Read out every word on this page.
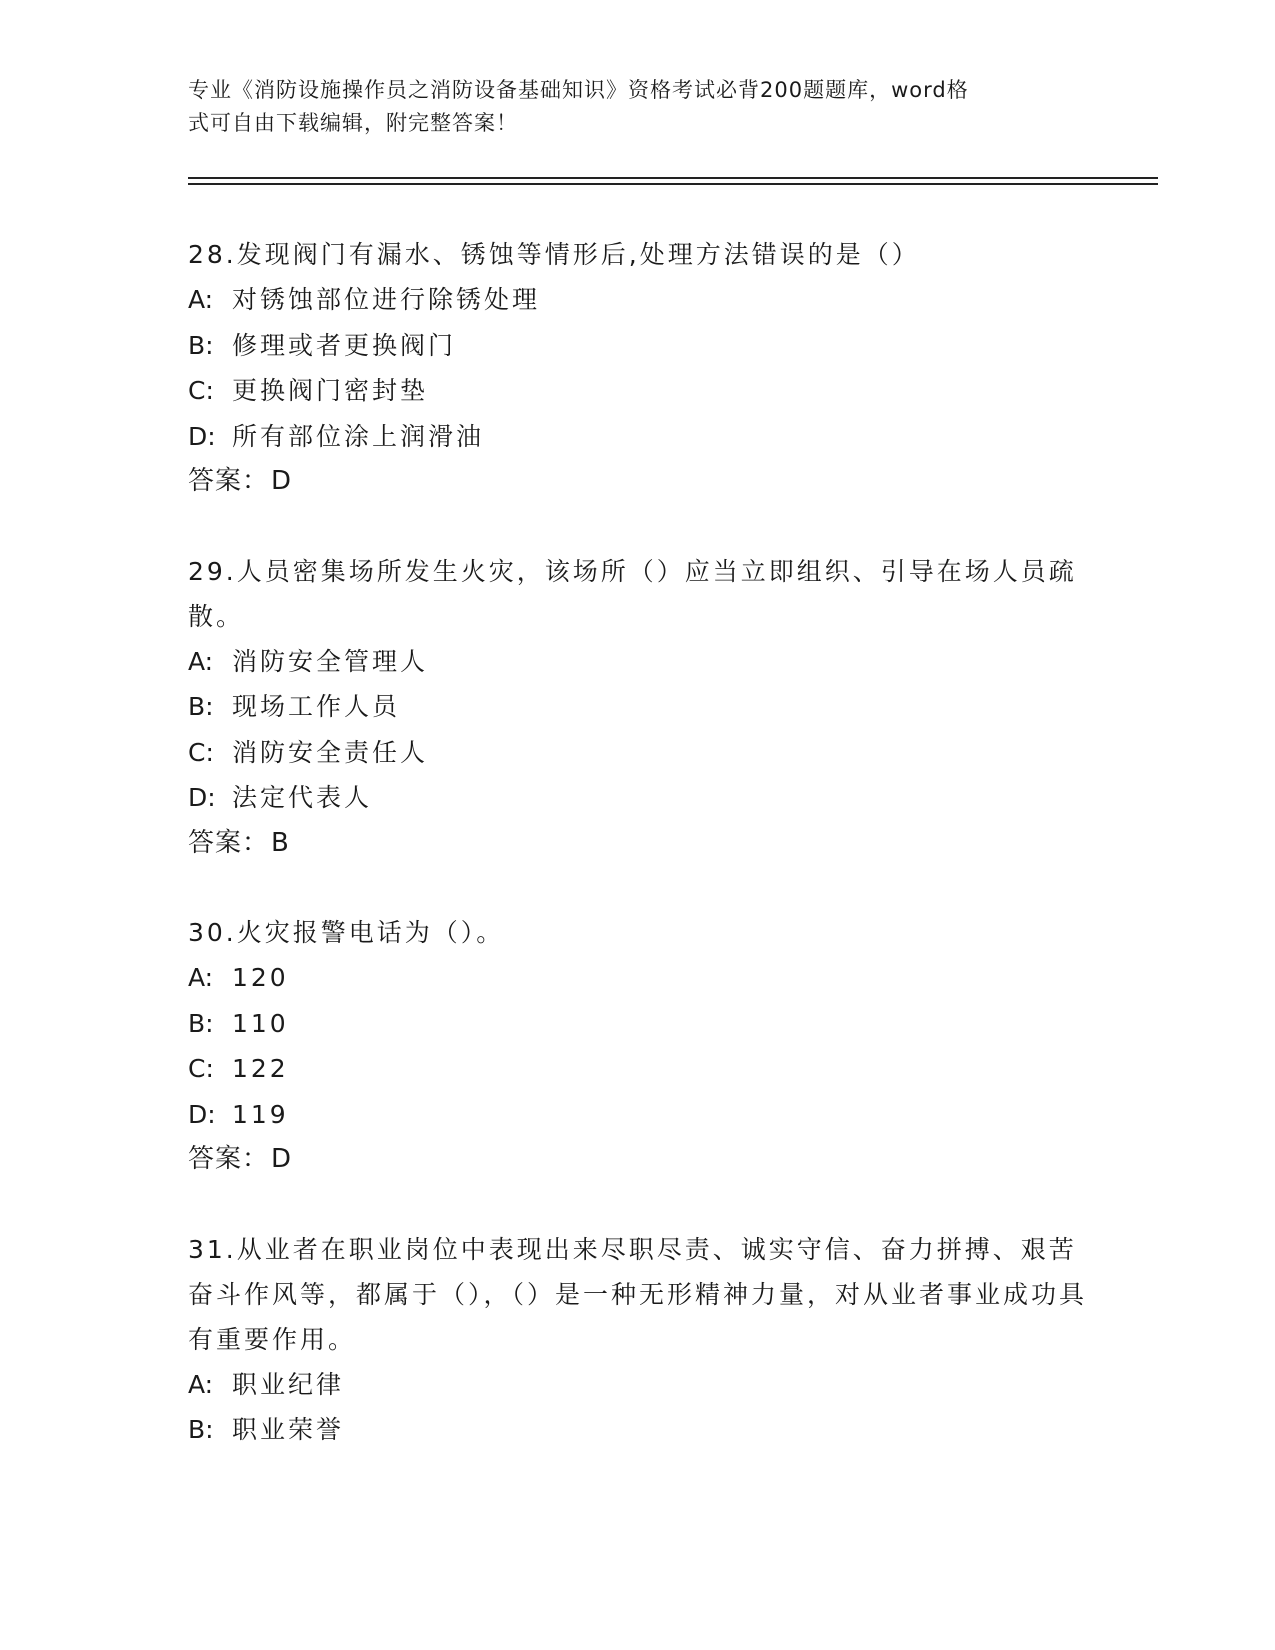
专业《消防设施操作员之消防设备基础知识》资格考试必背200题题库，word格
式可自由下载编辑，附完整答案！

28.发现阀门有漏水、锈蚀等情形后,处理方法错误的是（）

A: 对锈蚀部位进行除锈处理

B: 修理或者更换阀门

C: 更换阀门密封垫

D: 所有部位涂上润滑油

答案：D

29.人员密集场所发生火灾，该场所（）应当立即组织、引导在场人员疏散。

A: 消防安全管理人

B: 现场工作人员

C: 消防安全责任人

D: 法定代表人

答案：B

30.火灾报警电话为（）。

A: 120

B: 110

C: 122

D: 119

答案：D

31.从业者在职业岗位中表现出来尽职尽责、诚实守信、奋力拼搏、艰苦奋斗作风等，都属于（），（）是一种无形精神力量，对从业者事业成功具有重要作用。

A: 职业纪律

B: 职业荣誉
